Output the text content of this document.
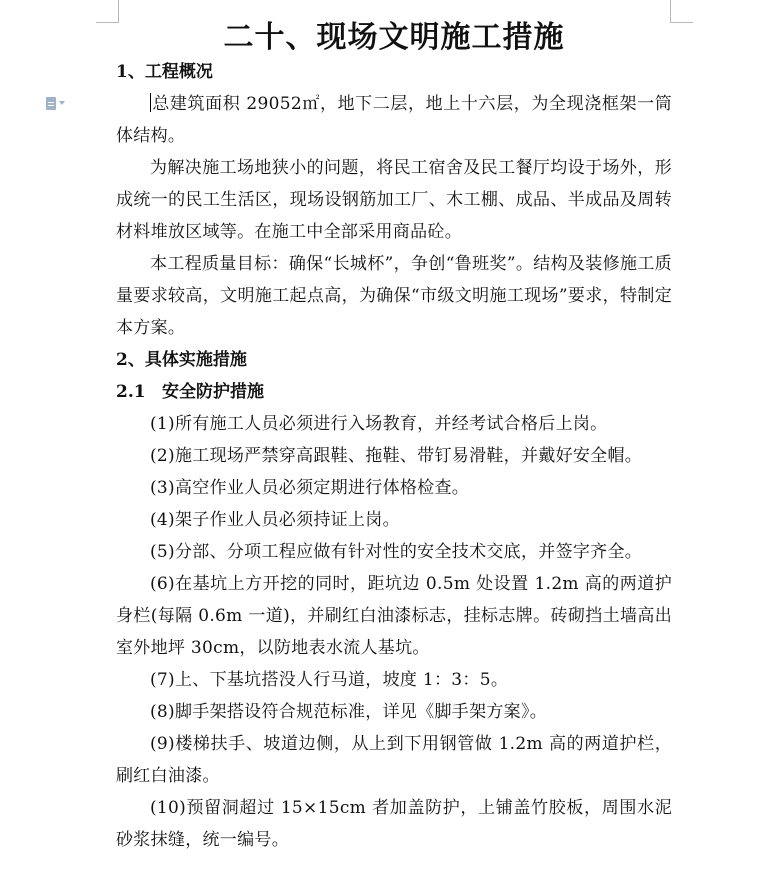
二十、现场文明施工措施
1、工程概况

总建筑面积 29052㎡，地下二层，地上十六层，为全现浇框架一筒体结构。

为解决施工场地狭小的问题，将民工宿舍及民工餐厅均设于场外，形成统一的民工生活区，现场设钢筋加工厂、木工棚、成品、半成品及周转材料堆放区域等。在施工中全部采用商品砼。

本工程质量目标：确保“长城杯”，争创“鲁班奖”。结构及装修施工质量要求较高，文明施工起点高，为确保“市级文明施工现场”要求，特制定本方案。

2、具体实施措施
2.1 安全防护措施

(1)所有施工人员必须进行入场教育，并经考试合格后上岗。

(2)施工现场严禁穿高跟鞋、拖鞋、带钉易滑鞋，并戴好安全帽。

(3)高空作业人员必须定期进行体格检查。

(4)架子作业人员必须持证上岗。

(5)分部、分项工程应做有针对性的安全技术交底，并签字齐全。

(6)在基坑上方开挖的同时，距坑边 0.5m 处设置 1.2m 高的两道护身栏(每隔 0.6m 一道)，并刷红白油漆标志，挂标志牌。砖砌挡土墙高出室外地坪 30cm，以防地表水流人基坑。

(7)上、下基坑搭没人行马道，坡度 1：3：5。

(8)脚手架搭设符合规范标准，详见《脚手架方案》。

(9)楼梯扶手、坡道边侧，从上到下用钢管做 1.2m 高的两道护栏，刷红白油漆。

(10)预留洞超过 15×15cm 者加盖防护，上铺盖竹胶板，周围水泥砂浆抹缝，统一编号。
